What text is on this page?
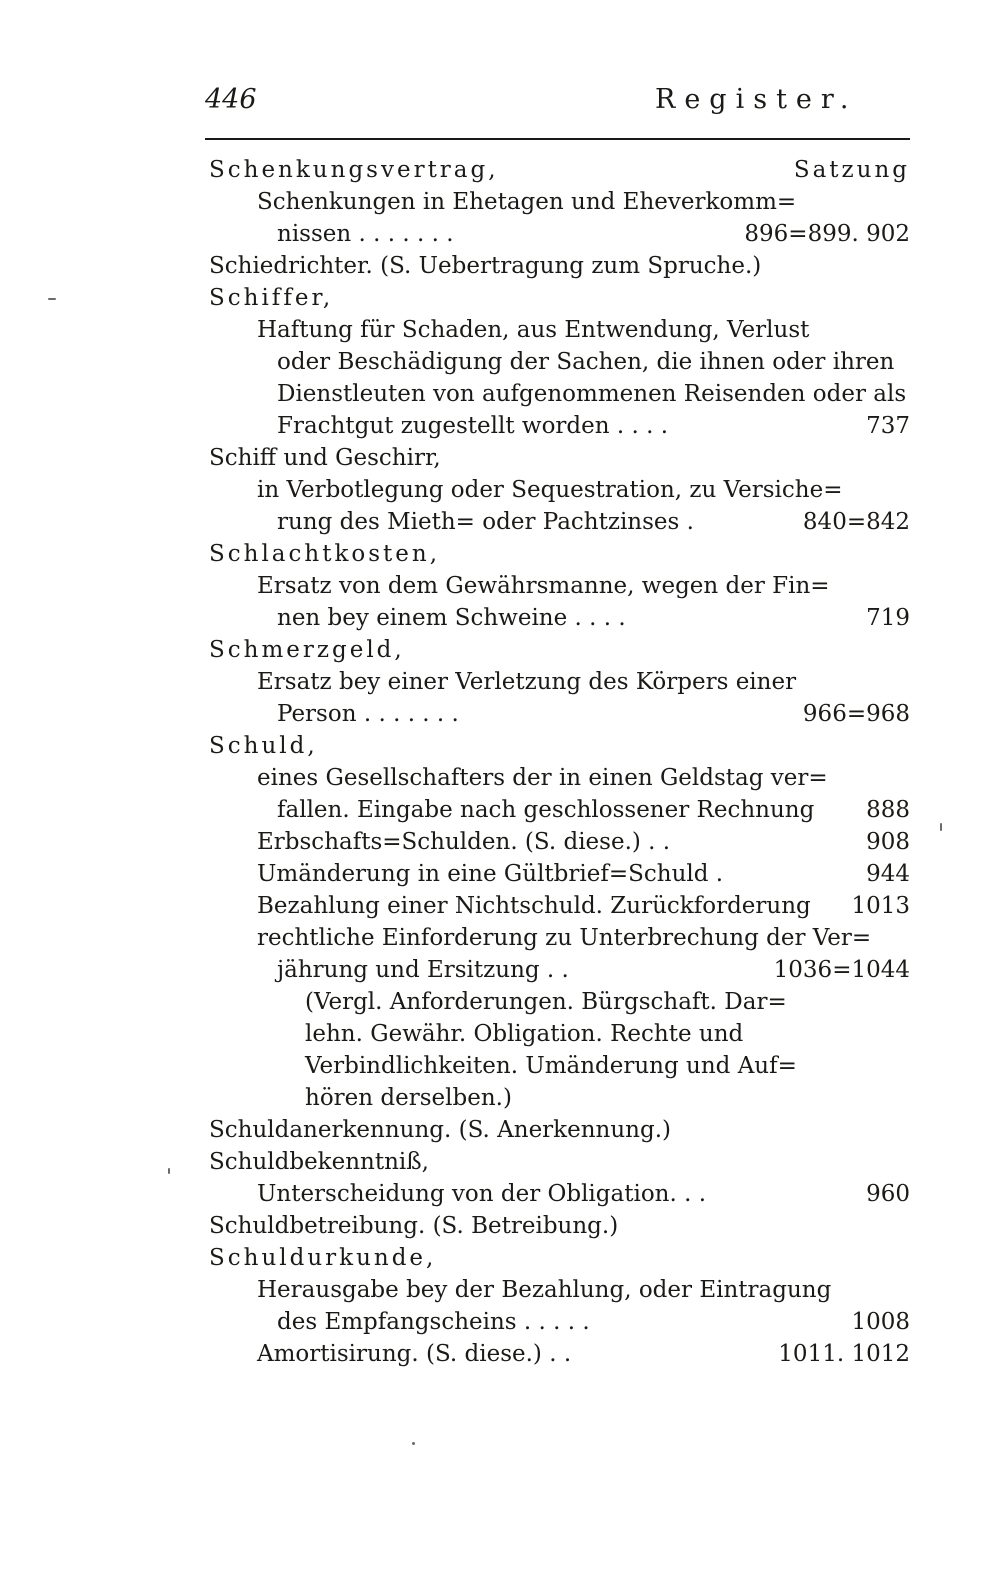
446	Register.
Schenkungsvertrag,	Satzung
Schenkungen in Ehetagen und Eheverkomm=
nissen . . . . . . .	896=899. 902
Schiedrichter. (S. Uebertragung zum Spruche.)
Schiffer,
Haftung für Schaden, aus Entwendung, Verlust
oder Beschädigung der Sachen, die ihnen oder ihren
Dienstleuten von aufgenommenen Reisenden oder als
Frachtgut zugestellt worden . . . .	737
Schiff und Geschirr,
in Verbotlegung oder Sequestration, zu Versiche=
rung des Mieth= oder Pachtzinses .	840=842
Schlachtkosten,
Ersatz von dem Gewährsmanne, wegen der Fin=
nen bey einem Schweine . . . .	719
Schmerzgeld,
Ersatz bey einer Verletzung des Körpers einer
Person . . . . . . .	966=968
Schuld,
eines Gesellschafters der in einen Geldstag ver=
fallen. Eingabe nach geschlossener Rechnung 888
Erbschafts=Schulden. (S. diese.) . .	908
Umänderung in eine Gültbrief=Schuld .	944
Bezahlung einer Nichtschuld. Zurückforderung 1013
rechtliche Einforderung zu Unterbrechung der Ver=
jährung und Ersitzung . .	1036=1044
(Vergl. Anforderungen. Bürgschaft. Dar=
lehn. Gewähr. Obligation. Rechte und
Verbindlichkeiten. Umänderung und Auf=
hören derselben.)
Schuldanerkennung. (S. Anerkennung.)
Schuldbekenntniß,
Unterscheidung von der Obligation. . .	960
Schuldbetreibung. (S. Betreibung.)
Schuldurkunde,
Herausgabe bey der Bezahlung, oder Eintragung
des Empfangscheins . . . . .	1008
Amortisirung. (S. diese.) . .	1011. 1012
